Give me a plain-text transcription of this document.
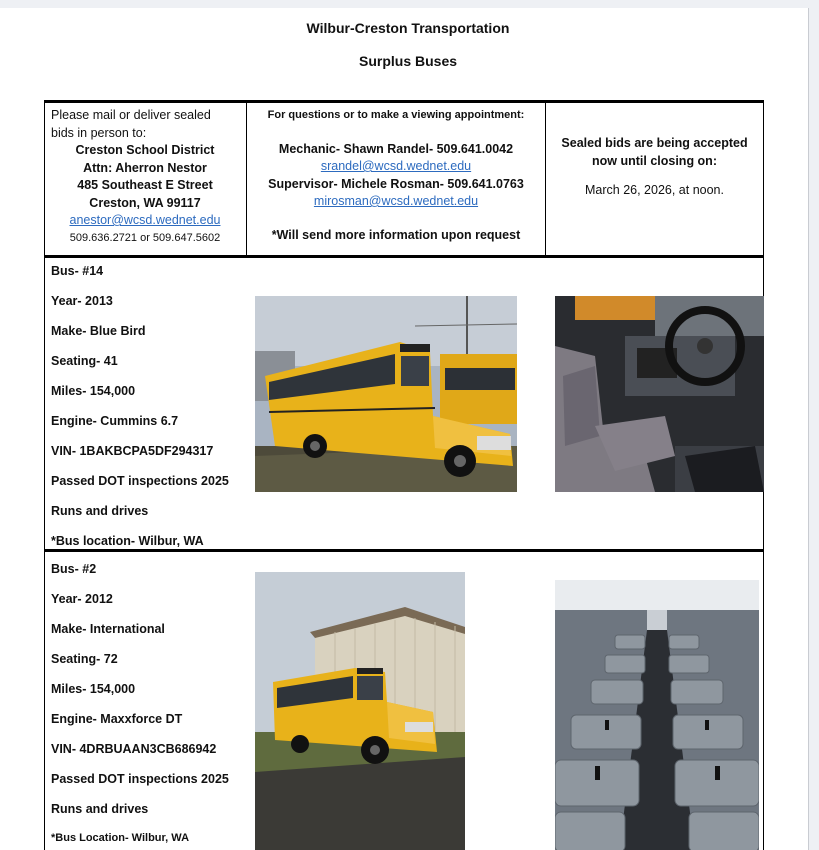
Wilbur-Creston Transportation
Surplus Buses
Please mail or deliver sealed
bids in person to:
Creston School District
Attn: Aherron Nestor
485 Southeast E Street
Creston, WA 99117
anestor@wcsd.wednet.edu
509.636.2721 or 509.647.5602
For questions or to make a viewing appointment:
Mechanic- Shawn Randel- 509.641.0042
srandel@wcsd.wednet.edu
Supervisor- Michele Rosman- 509.641.0763
mirosman@wcsd.wednet.edu
*Will send more information upon request
Sealed bids are being accepted
now until closing on:
March 26, 2026, at noon.
Bus- #14
Year- 2013
Make- Blue Bird
Seating- 41
Miles- 154,000
Engine- Cummins 6.7
VIN- 1BAKBCPA5DF294317
Passed DOT inspections 2025
Runs and drives
*Bus location- Wilbur, WA
Bus- #2
Year- 2012
Make- International
Seating- 72
Miles- 154,000
Engine- Maxxforce DT
VIN- 4DRBUAAN3CB686942
Passed DOT inspections 2025
Runs and drives
*Bus Location- Wilbur, WA
